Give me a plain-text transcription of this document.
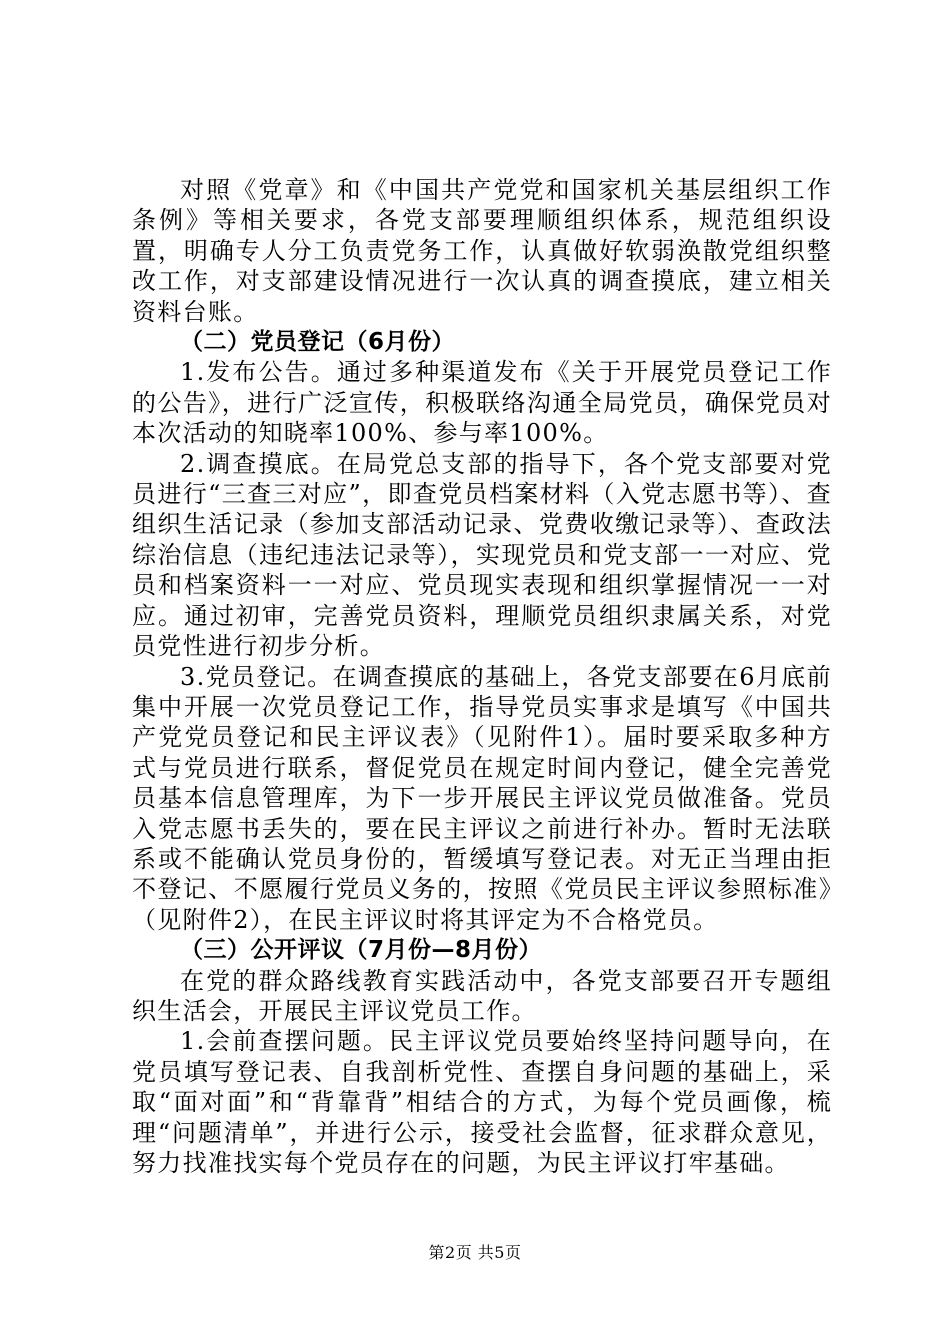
对照《党章》和《中国共产党党和国家机关基层组织工作条例》等相关要求，各党支部要理顺组织体系，规范组织设置，明确专人分工负责党务工作，认真做好软弱涣散党组织整改工作，对支部建设情况进行一次认真的调查摸底，建立相关资料台账。

（二）党员登记（6月份）

1.发布公告。通过多种渠道发布《关于开展党员登记工作的公告》，进行广泛宣传，积极联络沟通全局党员，确保党员对本次活动的知晓率100%、参与率100%。

2.调查摸底。在局党总支部的指导下，各个党支部要对党员进行“三查三对应”，即查党员档案材料（入党志愿书等）、查组织生活记录（参加支部活动记录、党费收缴记录等）、查政法综治信息（违纪违法记录等），实现党员和党支部一一对应、党员和档案资料一一对应、党员现实表现和组织掌握情况一一对应。通过初审，完善党员资料，理顺党员组织隶属关系，对党员党性进行初步分析。

3.党员登记。在调查摸底的基础上，各党支部要在6月底前集中开展一次党员登记工作，指导党员实事求是填写《中国共产党党员登记和民主评议表》（见附件1）。届时要采取多种方式与党员进行联系，督促党员在规定时间内登记，健全完善党员基本信息管理库，为下一步开展民主评议党员做准备。党员入党志愿书丢失的，要在民主评议之前进行补办。暂时无法联系或不能确认党员身份的，暂缓填写登记表。对无正当理由拒不登记、不愿履行党员义务的，按照《党员民主评议参照标准》（见附件2），在民主评议时将其评定为不合格党员。

（三）公开评议（7月份—8月份）

在党的群众路线教育实践活动中，各党支部要召开专题组织生活会，开展民主评议党员工作。

1.会前查摆问题。民主评议党员要始终坚持问题导向，在党员填写登记表、自我剖析党性、查摆自身问题的基础上，采取“面对面”和“背靠背”相结合的方式，为每个党员画像，梳理“问题清单”，并进行公示，接受社会监督，征求群众意见，努力找准找实每个党员存在的问题，为民主评议打牢基础。

第2页 共5页
